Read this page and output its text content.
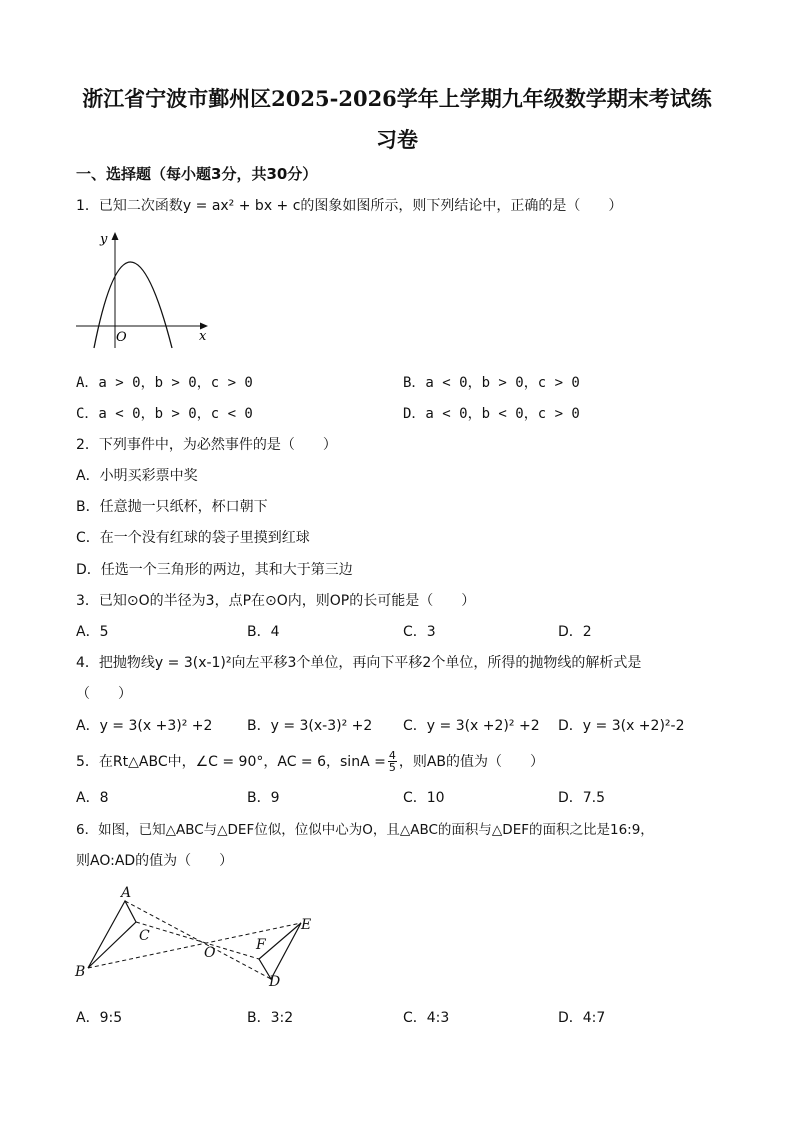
浙江省宁波市鄞州区2025-2026学年上学期九年级数学期末考试练
习卷
一、选择题（每小题3分，共30分）
1．已知二次函数y = ax² + bx + c的图象如图所示，则下列结论中，正确的是（　　）
y
x
O
A．a > 0，b > 0，c > 0	B．a < 0，b > 0，c > 0
C．a < 0，b > 0，c < 0	D．a < 0，b < 0，c > 0
2．下列事件中，为必然事件的是（　　）
A．小明买彩票中奖
B．任意抛一只纸杯，杯口朝下
C．在一个没有红球的袋子里摸到红球
D．任选一个三角形的两边，其和大于第三边
3．已知⊙O的半径为3，点P在⊙O内，则OP的长可能是（　　）
A．5	B．4	C．3	D．2
4．把抛物线y = 3(x-1)²向左平移3个单位，再向下平移2个单位，所得的抛物线的解析式是
（　　）
A．y = 3(x +3)² +2 B．y = 3(x-3)² +2 C．y = 3(x +2)² +2 D．y = 3(x +2)²-2
5．在Rt△ABC中，∠C = 90°，AC = 6，$\sin A = \frac{4}{5}$ ，则AB的值为（　　）
A．8	B．9	C．10	D．7.5
6．如图，已知△ABC与△DEF位似，位似中心为O，且△ABC的面积与△DEF的面积之比是16:9，
则AO:AD的值为（　　）
A
B
C
O
E
F
D
A．9:5	B．3:2	C．4:3	D．4:7
